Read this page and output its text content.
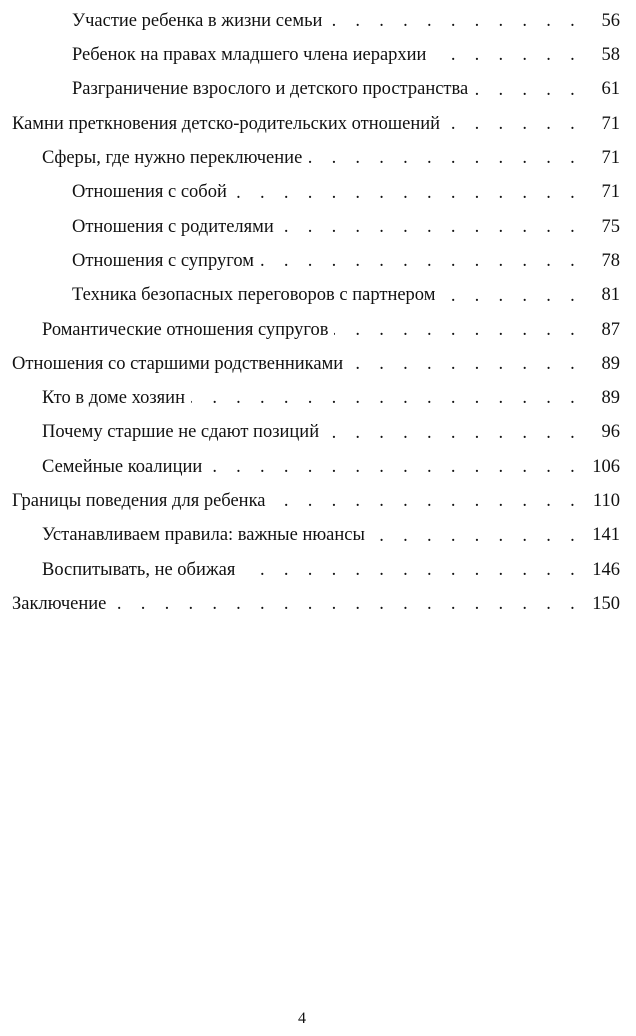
Участие ребенка в жизни семьи . . .	56
Ребенок на правах младшего члена иерархии . . .	58
Разграничение взрослого и детского пространства . . .	61
Камни преткновения детско-родительских отношений . . .	71
Сферы, где нужно переключение . . .	71
Отношения с собой . . .	71
Отношения с родителями . . .	75
Отношения с супругом . . .	78
Техника безопасных переговоров с партнером . . .	81
Романтические отношения супругов . . .	87
Отношения со старшими родственниками . . .	89
Кто в доме хозяин . . .	89
Почему старшие не сдают позиций . . .	96
Семейные коалиции . . .	106
Границы поведения для ребенка . . .	110
Устанавливаем правила: важные нюансы . . .	141
Воспитывать, не обижая . . .	146
Заключение . . .	150
4
